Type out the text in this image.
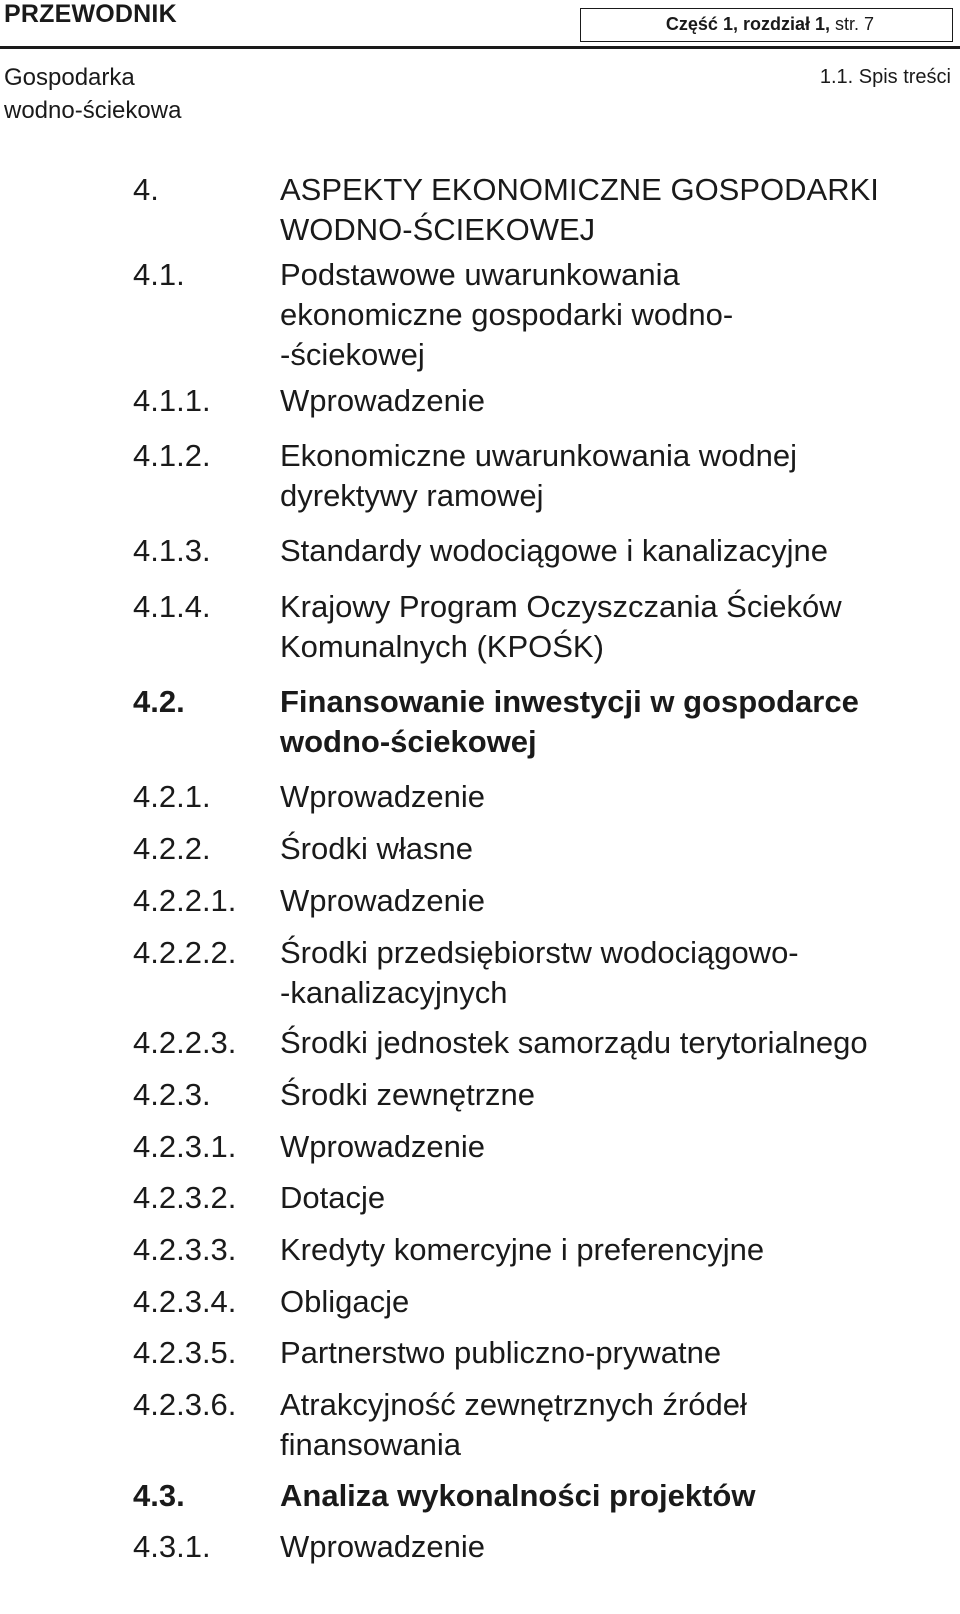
PRZEWODNIK	Część 1, rozdział 1, str. 7
Gospodarka
wodno-ściekowa
1.1. Spis treści
4.	ASPEKTY EKONOMICZNE GOSPODARKI
WODNO-ŚCIEKOWEJ
4.1.	Podstawowe uwarunkowania
ekonomiczne gospodarki wodno-
-ściekowej
4.1.1. Wprowadzenie
4.1.2. Ekonomiczne uwarunkowania wodnej
dyrektywy ramowej
4.1.3. Standardy wodociągowe i kanalizacyjne
4.1.4. Krajowy Program Oczyszczania Ścieków
Komunalnych (KPOŚK)
4.2.	Finansowanie inwestycji w gospodarce
wodno-ściekowej
4.2.1. Wprowadzenie
4.2.2. Środki własne
4.2.2.1. Wprowadzenie
4.2.2.2. Środki przedsiębiorstw wodociągowo-
-kanalizacyjnych
4.2.2.3. Środki jednostek samorządu terytorialnego
4.2.3. Środki zewnętrzne
4.2.3.1. Wprowadzenie
4.2.3.2. Dotacje
4.2.3.3. Kredyty komercyjne i preferencyjne
4.2.3.4. Obligacje
4.2.3.5. Partnerstwo publiczno-prywatne
4.2.3.6. Atrakcyjność zewnętrznych źródeł
finansowania
4.3.	Analiza wykonalności projektów
4.3.1. Wprowadzenie
